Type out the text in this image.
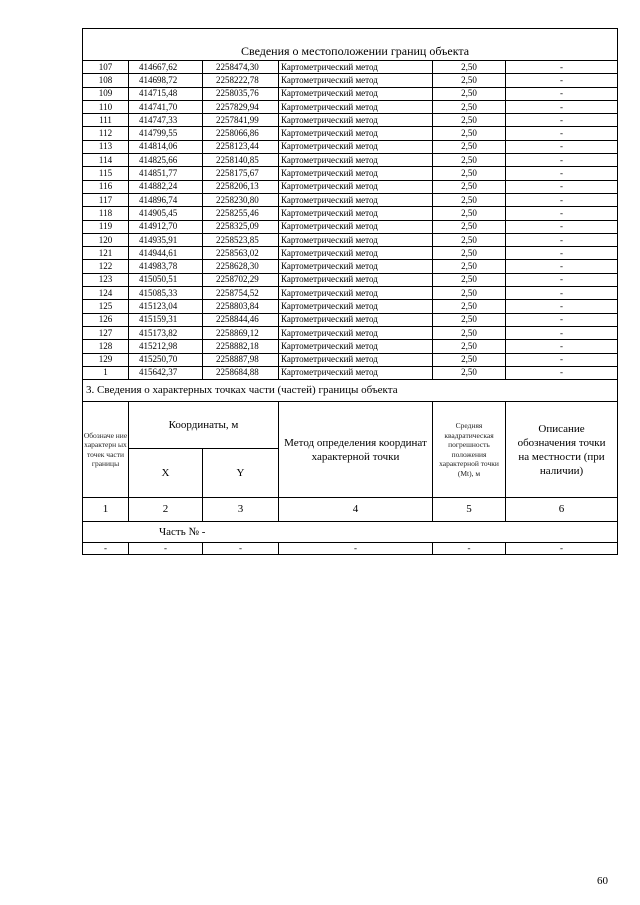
Сведения о местоположении границ объекта					
107	414667,62	2258474,30	Картометрический метод	2,50	-
108	414698,72	2258222,78	Картометрический метод	2,50	-
109	414715,48	2258035,76	Картометрический метод	2,50	-
110	414741,70	2257829,94	Картометрический метод	2,50	-
111	414747,33	2257841,99	Картометрический метод	2,50	-
112	414799,55	2258066,86	Картометрический метод	2,50	-
113	414814,06	2258123,44	Картометрический метод	2,50	-
114	414825,66	2258140,85	Картометрический метод	2,50	-
115	414851,77	2258175,67	Картометрический метод	2,50	-
116	414882,24	2258206,13	Картометрический метод	2,50	-
117	414896,74	2258230,80	Картометрический метод	2,50	-
118	414905,45	2258255,46	Картометрический метод	2,50	-
119	414912,70	2258325,09	Картометрический метод	2,50	-
120	414935,91	2258523,85	Картометрический метод	2,50	-
121	414944,61	2258563,02	Картометрический метод	2,50	-
122	414983,78	2258628,30	Картометрический метод	2,50	-
123	415050,51	2258702,29	Картометрический метод	2,50	-
124	415085,33	2258754,52	Картометрический метод	2,50	-
125	415123,04	2258803,84	Картометрический метод	2,50	-
126	415159,31	2258844,46	Картометрический метод	2,50	-
127	415173,82	2258869,12	Картометрический метод	2,50	-
128	415212,98	2258882,18	Картометрический метод	2,50	-
129	415250,70	2258887,98	Картометрический метод	2,50	-
1	415642,37	2258684,88	Картометрический метод	2,50	-
3. Сведения о характерных точках части (частей) границы объекта					
Обозначе ние характерн ых точек части границы	Координаты, м		Метод определения координат характерной точки	Средняя квадратическая погрешность положения характерной точки (Mt), м	Описание обозначения точки на местности (при наличии)
	X	Y			
1	2	3	4	5	6
Часть № -					
-	-	-	-	-	-
60
